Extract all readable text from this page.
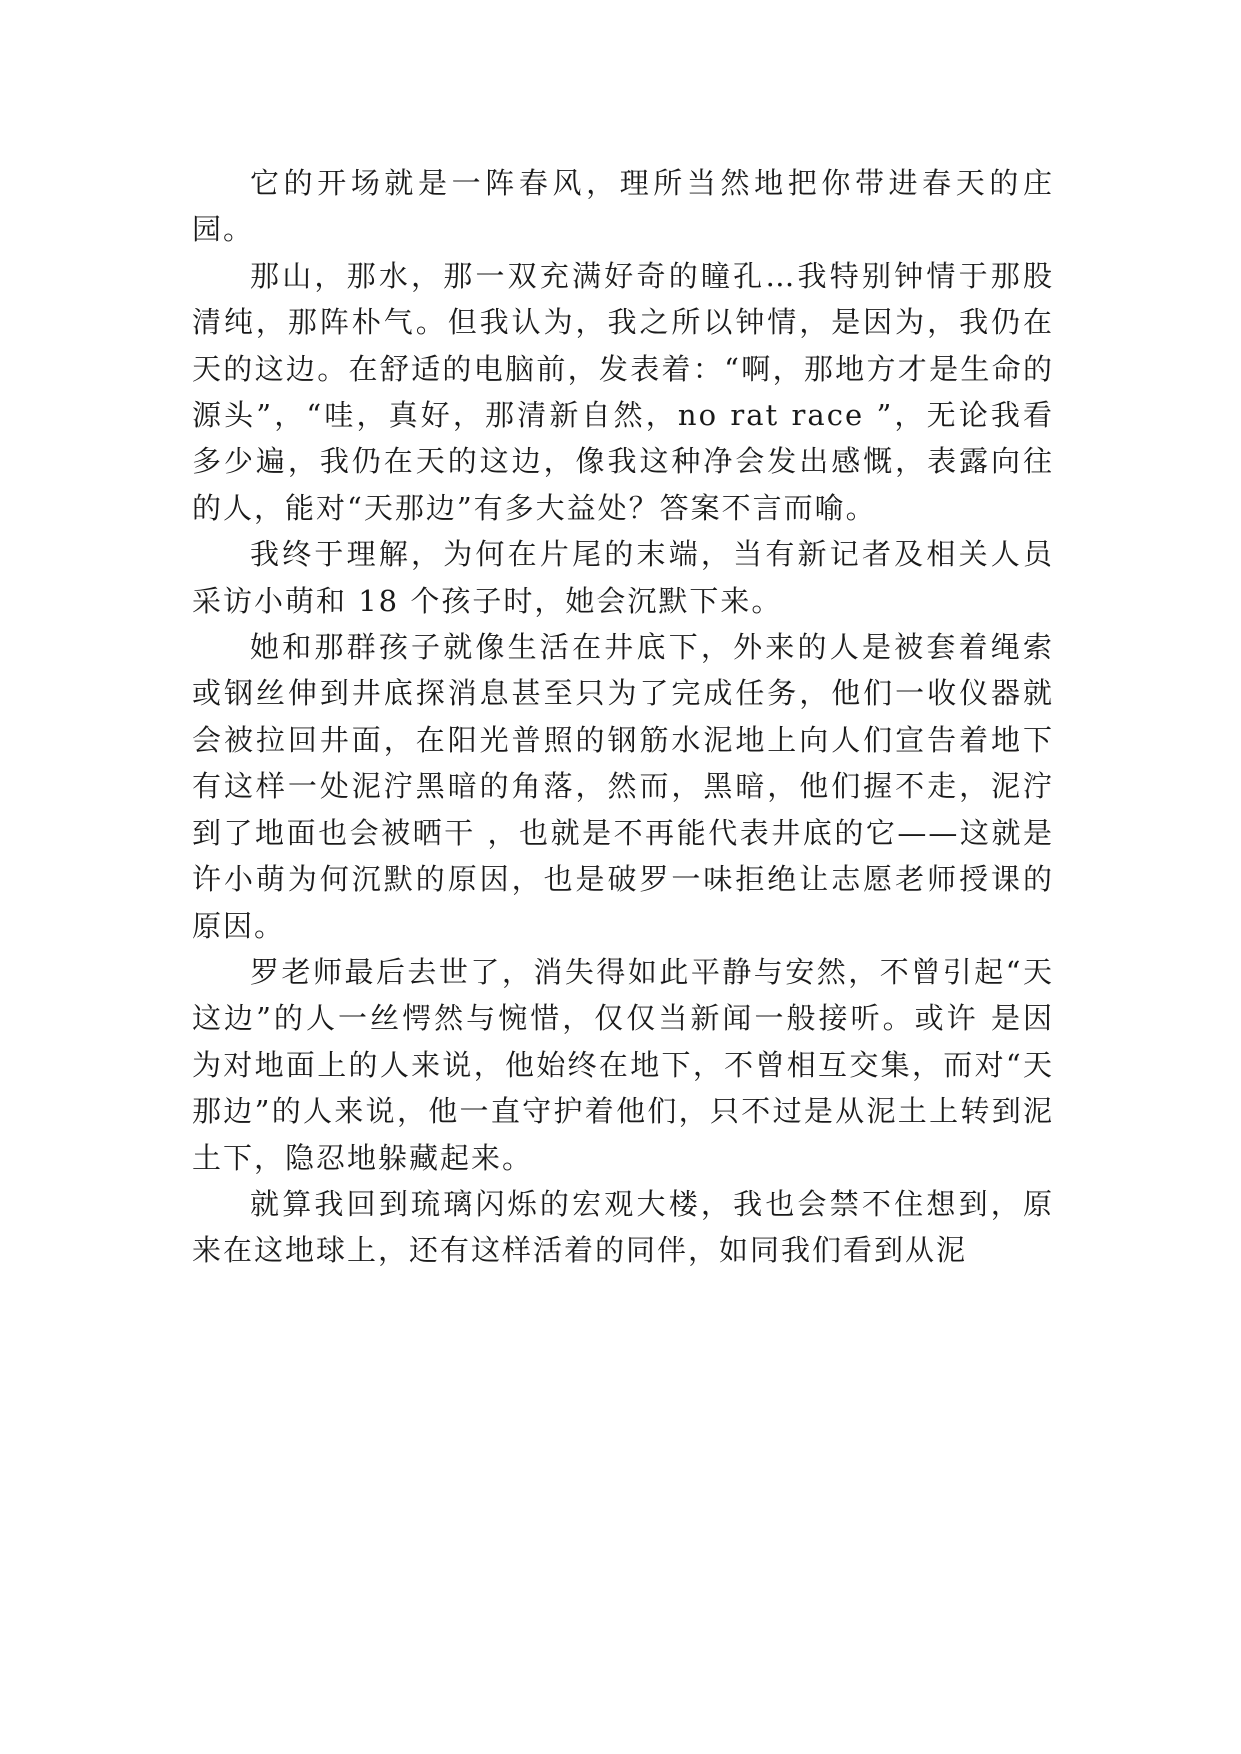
它的开场就是一阵春风，理所当然地把你带进春天的庄园。

那山，那水，那一双充满好奇的瞳孔…我特别钟情于那股清纯，那阵朴气。但我认为，我之所以钟情，是因为，我仍在天的这边。在舒适的电脑前，发表着：“啊，那地方才是生命的源头”，“哇，真好，那清新自然，no rat race ”，无论我看多少遍，我仍在天的这边，像我这种净会发出感慨，表露向往的人，能对“天那边”有多大益处？答案不言而喻。

我终于理解，为何在片尾的末端，当有新记者及相关人员采访小萌和 18 个孩子时，她会沉默下来。

她和那群孩子就像生活在井底下，外来的人是被套着绳索或钢丝伸到井底探消息甚至只为了完成任务，他们一收仪器就会被拉回井面，在阳光普照的钢筋水泥地上向人们宣告着地下有这样一处泥泞黑暗的角落，然而，黑暗，他们握不走，泥泞到了地面也会被晒干 ，也就是不再能代表井底的它——这就是许小萌为何沉默的原因，也是破罗一味拒绝让志愿老师授课的原因。

罗老师最后去世了，消失得如此平静与安然，不曾引起“天这边”的人一丝愕然与惋惜，仅仅当新闻一般接听。或许 是因为对地面上的人来说，他始终在地下，不曾相互交集，而对“天那边”的人来说，他一直守护着他们，只不过是从泥土上转到泥土下，隐忍地躲藏起来。

就算我回到琉璃闪烁的宏观大楼，我也会禁不住想到，原来在这地球上，还有这样活着的同伴，如同我们看到从泥
